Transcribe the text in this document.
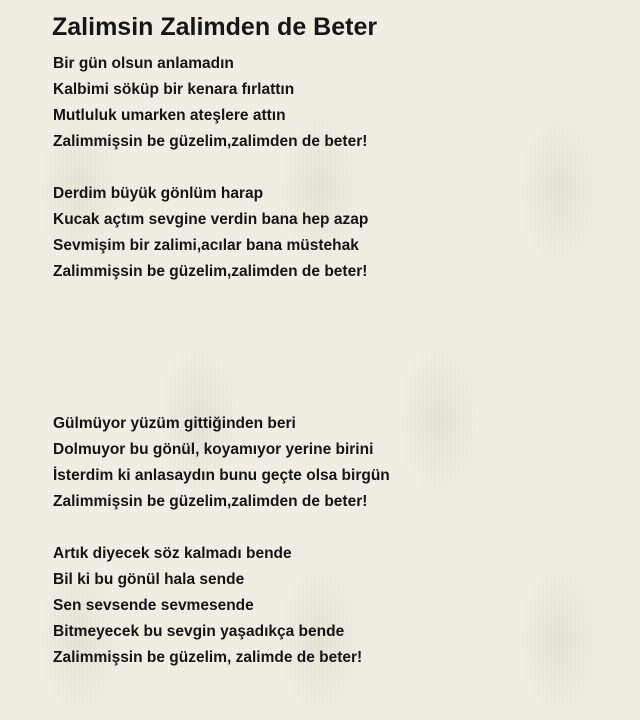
Zalimsin Zalimden de Beter
Bir gün olsun anlamadın
Kalbimi söküp bir kenara fırlattın
Mutluluk umarken ateşlere attın
Zalimmişsin be güzelim,zalimden de beter!
Derdim büyük gönlüm harap
Kucak açtım sevgine verdin bana hep azap
Sevmişim bir zalimi,acılar bana müstehak
Zalimmişsin be güzelim,zalimden de beter!
Gülmüyor yüzüm gittiğinden beri
Dolmuyor bu gönül, koyamıyor yerine birini
İsterdim ki anlasaydın bunu geçte olsa birgün
Zalimmişsin be güzelim,zalimden de beter!
Artık diyecek söz kalmadı bende
Bil ki bu gönül hala sende
Sen sevsende sevmesende
Bitmeyecek bu sevgin yaşadıkça bende
Zalimmişsin be güzelim, zalimde de beter!
